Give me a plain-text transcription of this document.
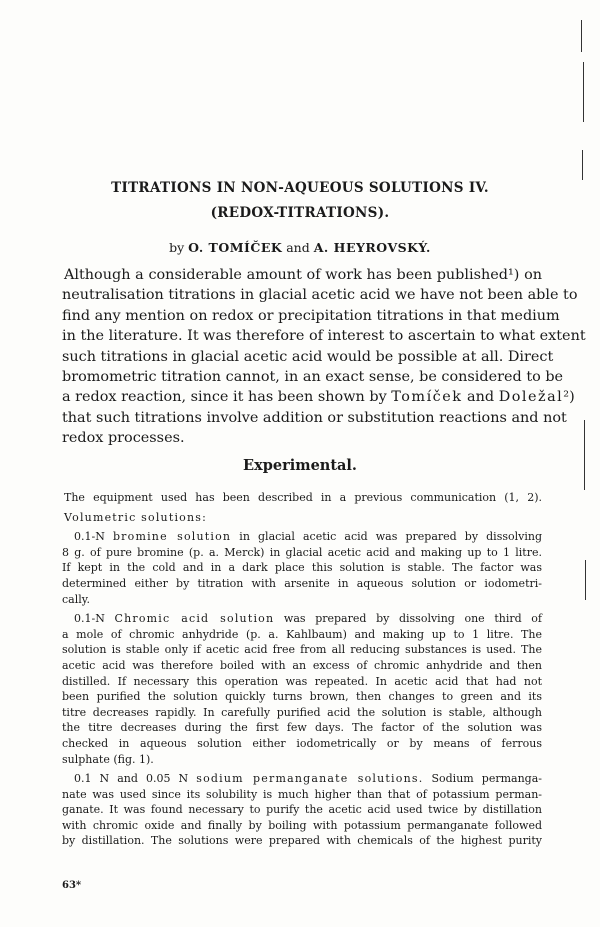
TITRATIONS IN NON-AQUEOUS SOLUTIONS IV.
(REDOX-TITRATIONS).
by O. TOMÍČEK and A. HEYROVSKÝ.
Although a considerable amount of work has been published¹) on
neutralisation titrations in glacial acetic acid we have not been able to
find any mention on redox or precipitation titrations in that medium
in the literature. It was therefore of interest to ascertain to what extent
such titrations in glacial acetic acid would be possible at all. Direct
bromometric titration cannot, in an exact sense, be considered to be
a redox reaction, since it has been shown by Tomíček and Doležal²)
that such titrations involve addition or substitution reactions and not
redox processes.
Experimental.
The equipment used has been described in a previous communication (1, 2).
Volumetric solutions:
0.1-N bromine solution in glacial acetic acid was prepared by dissolving
8 g. of pure bromine (p. a. Merck) in glacial acetic acid and making up to 1 litre.
If kept in the cold and in a dark place this solution is stable. The factor was
determined either by titration with arsenite in aqueous solution or iodometri-
cally.
0.1-N Chromic acid solution was prepared by dissolving one third of
a mole of chromic anhydride (p. a. Kahlbaum) and making up to 1 litre. The
solution is stable only if acetic acid free from all reducing substances is used. The
acetic acid was therefore boiled with an excess of chromic anhydride and then
distilled. If necessary this operation was repeated. In acetic acid that had not
been purified the solution quickly turns brown, then changes to green and its
titre decreases rapidly. In carefully purified acid the solution is stable, although
the titre decreases during the first few days. The factor of the solution was
checked in aqueous solution either iodometrically or by means of ferrous
sulphate (fig. 1).
0.1 N and 0.05 N sodium permanganate solutions. Sodium permanga-
nate was used since its solubility is much higher than that of potassium perman-
ganate. It was found necessary to purify the acetic acid used twice by distillation
with chromic oxide and finally by boiling with potassium permanganate followed
by distillation. The solutions were prepared with chemicals of the highest purity
63*
